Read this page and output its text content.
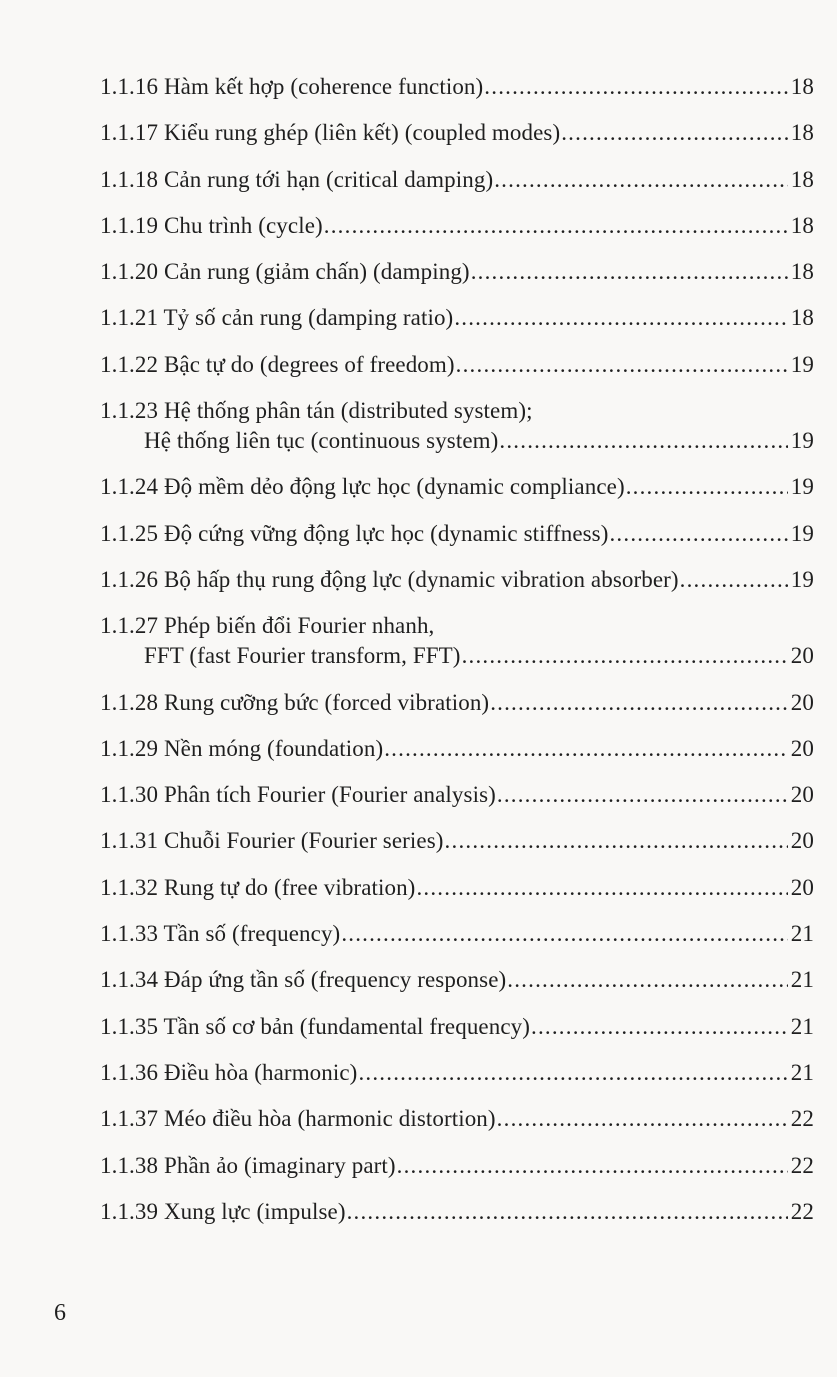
1.1.16 Hàm kết hợp (coherence function) .....	18
1.1.17 Kiểu rung ghép (liên kết) (coupled modes) .....	18
1.1.18 Cản rung tới hạn (critical damping) .....	18
1.1.19 Chu trình (cycle) .....	18
1.1.20 Cản rung (giảm chấn) (damping) .....	18
1.1.21 Tỷ số cản rung (damping ratio) .....	18
1.1.22 Bậc tự do (degrees of freedom) .....	19
1.1.23 Hệ thống phân tán (distributed system);
Hệ thống liên tục (continuous system) .....	19
1.1.24 Độ mềm dẻo động lực học (dynamic compliance) .....	19
1.1.25 Độ cứng vững động lực học (dynamic stiffness) .....	19
1.1.26 Bộ hấp thụ rung động lực (dynamic vibration absorber) .....	19
1.1.27 Phép biến đổi Fourier nhanh,
FFT (fast Fourier transform, FFT) .....	20
1.1.28 Rung cưỡng bức (forced vibration) .....	20
1.1.29 Nền móng (foundation) .....	20
1.1.30 Phân tích Fourier (Fourier analysis) .....	20
1.1.31 Chuỗi Fourier (Fourier series) .....	20
1.1.32 Rung tự do (free vibration) .....	20
1.1.33 Tần số (frequency) .....	21
1.1.34 Đáp ứng tần số (frequency response) .....	21
1.1.35 Tần số cơ bản (fundamental frequency) .....	21
1.1.36 Điều hòa (harmonic) .....	21
1.1.37 Méo điều hòa (harmonic distortion) .....	22
1.1.38 Phần ảo (imaginary part) .....	22
1.1.39 Xung lực (impulse) .....	22
6
